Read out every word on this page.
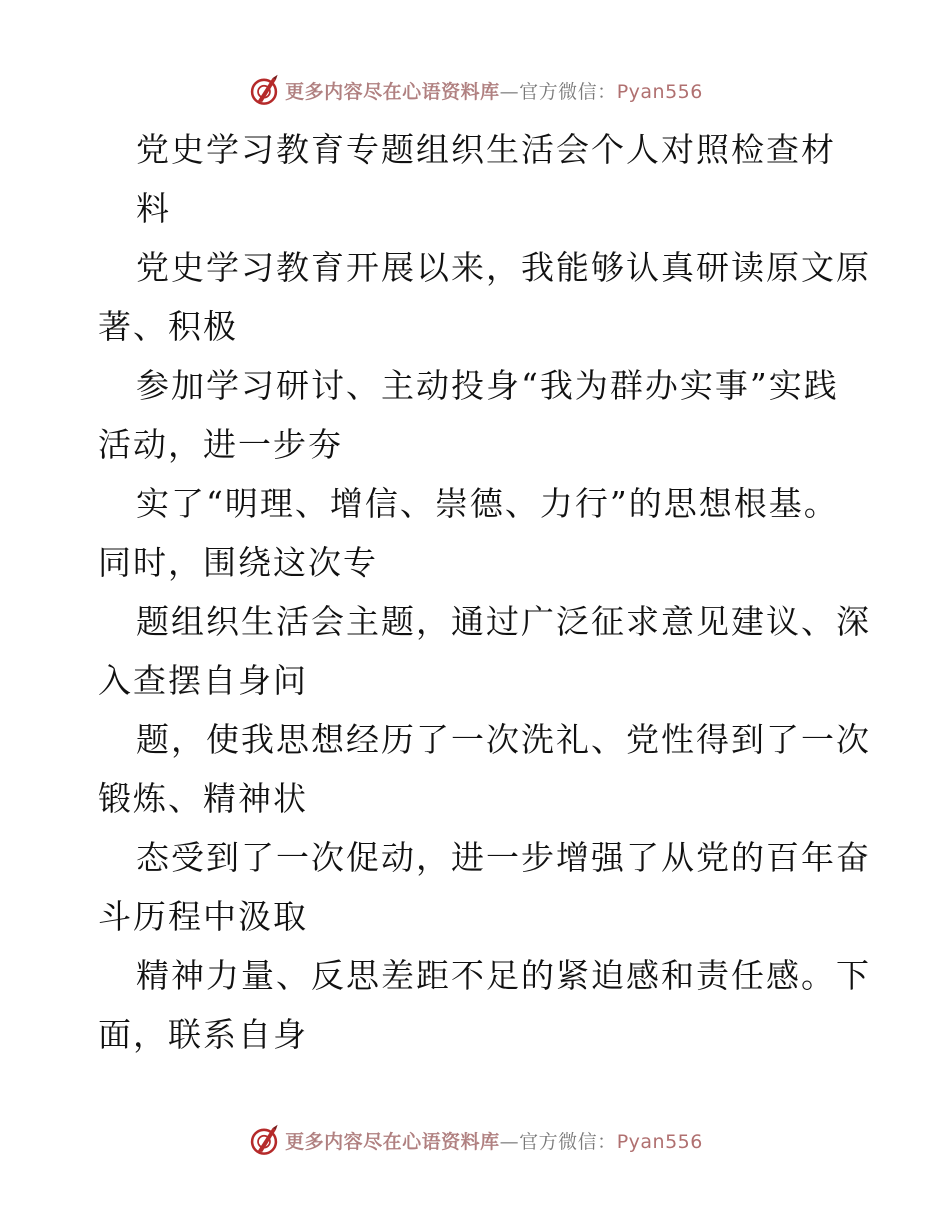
更多内容尽在心语资料库—官方微信：Pyan556
党史学习教育专题组织生活会个人对照检查材
料
党史学习教育开展以来，我能够认真研读原文原
著、积极
参加学习研讨、主动投身“我为群办实事”实践
活动，进一步夯
实了“明理、增信、崇德、力行”的思想根基。
同时，围绕这次专
题组织生活会主题，通过广泛征求意见建议、深
入查摆自身问
题，使我思想经历了一次洗礼、党性得到了一次
锻炼、精神状
态受到了一次促动，进一步增强了从党的百年奋
斗历程中汲取
精神力量、反思差距不足的紧迫感和责任感。下
面，联系自身
更多内容尽在心语资料库—官方微信：Pyan556
